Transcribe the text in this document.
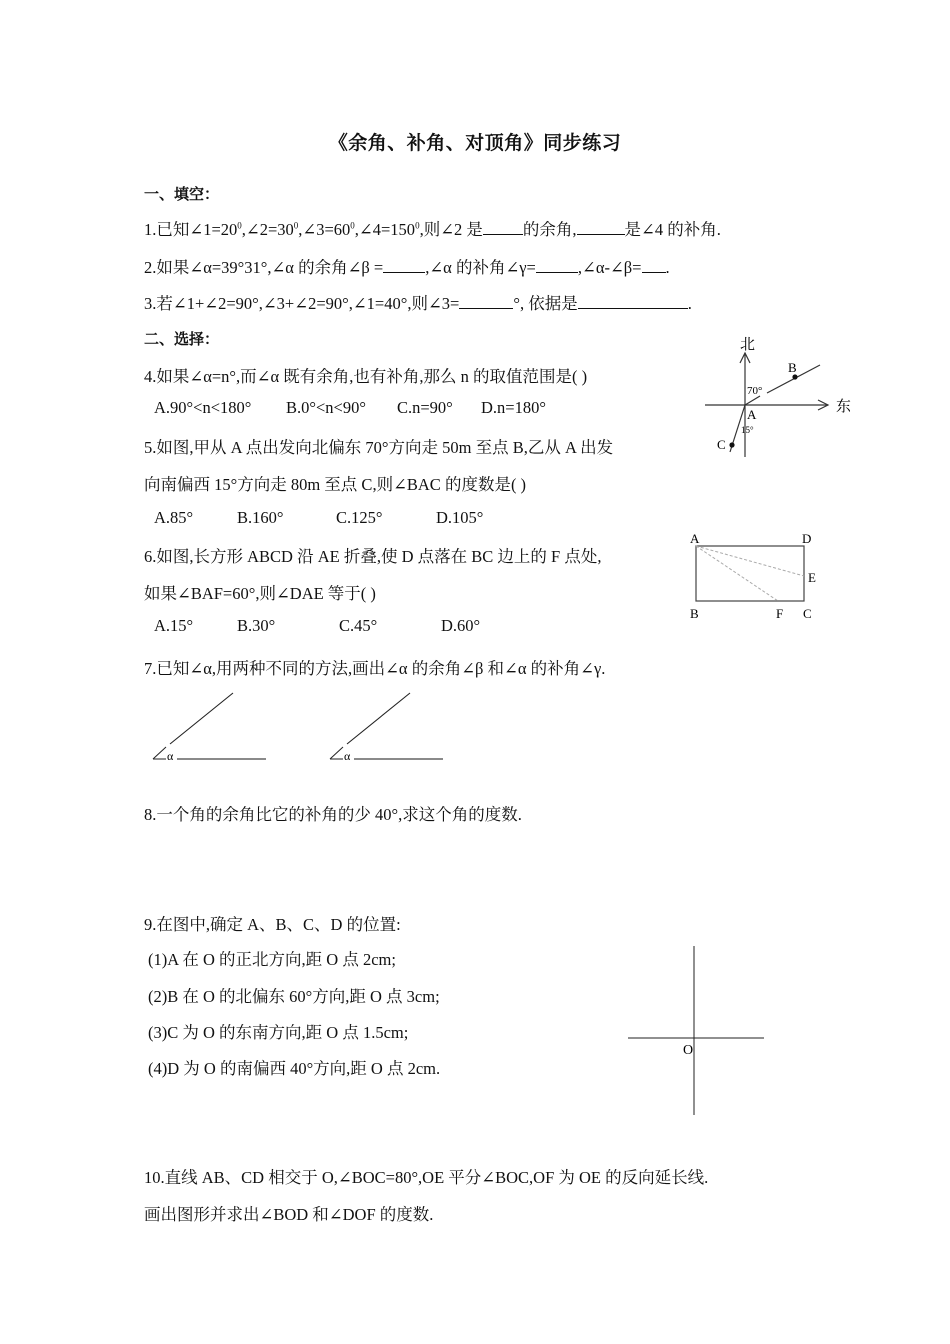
《余角、补角、对顶角》同步练习
一、填空：
1.已知$\angle 1=20^0,\angle 2=30^0,\angle 3=60^0,\angle 4=150^0$,则∠2 是 的余角,	是∠4 的补角.
2.如果∠α=39°31°,∠α 的余角∠β =	,∠α 的补角∠γ=	,∠α-∠β= .
3.若∠1+∠2=90°,∠3+∠2=90°,∠1=40°,则∠3=	°, 依据是	.
二、选择：
4.如果∠α=n°,而∠α 既有余角,也有补角,那么 n 的取值范围是( )
A.90°<n<180° B.0°<n<90° C.n=90° D.n=180°
5.如图,甲从 A 点出发向北偏东 70°方向走 50m 至点 B,乙从 A 出发
向南偏西 15°方向走 80m 至点 C,则∠BAC 的度数是( )
A.85°	B.160°	C.125°	D.105°
北
东
A
B
C
70°
15°
6.如图,长方形 ABCD 沿 AE 折叠,使 D 点落在 BC 边上的 F 点处,
如果∠BAF=60°,则∠DAE 等于( )
A.15°	B.30°	C.45°	D.60°
A	D
E
B	F C
7.已知∠α,用两种不同的方法,画出∠α 的余角∠β 和∠α 的补角∠γ.
α	α
8.一个角的余角比它的补角的少 40°,求这个角的度数.
9.在图中,确定 A、B、C、D 的位置:
(1)A 在 O 的正北方向,距 O 点 2cm;
(2)B 在 O 的北偏东 60°方向,距 O 点 3cm;
(3)C 为 O 的东南方向,距 O 点 1.5cm;
(4)D 为 O 的南偏西 40°方向,距 O 点 2cm.
O
10.直线 AB、CD 相交于 O,∠BOC=80°,OE 平分∠BOC,OF 为 OE 的反向延长线.
画出图形并求出∠BOD 和∠DOF 的度数.
